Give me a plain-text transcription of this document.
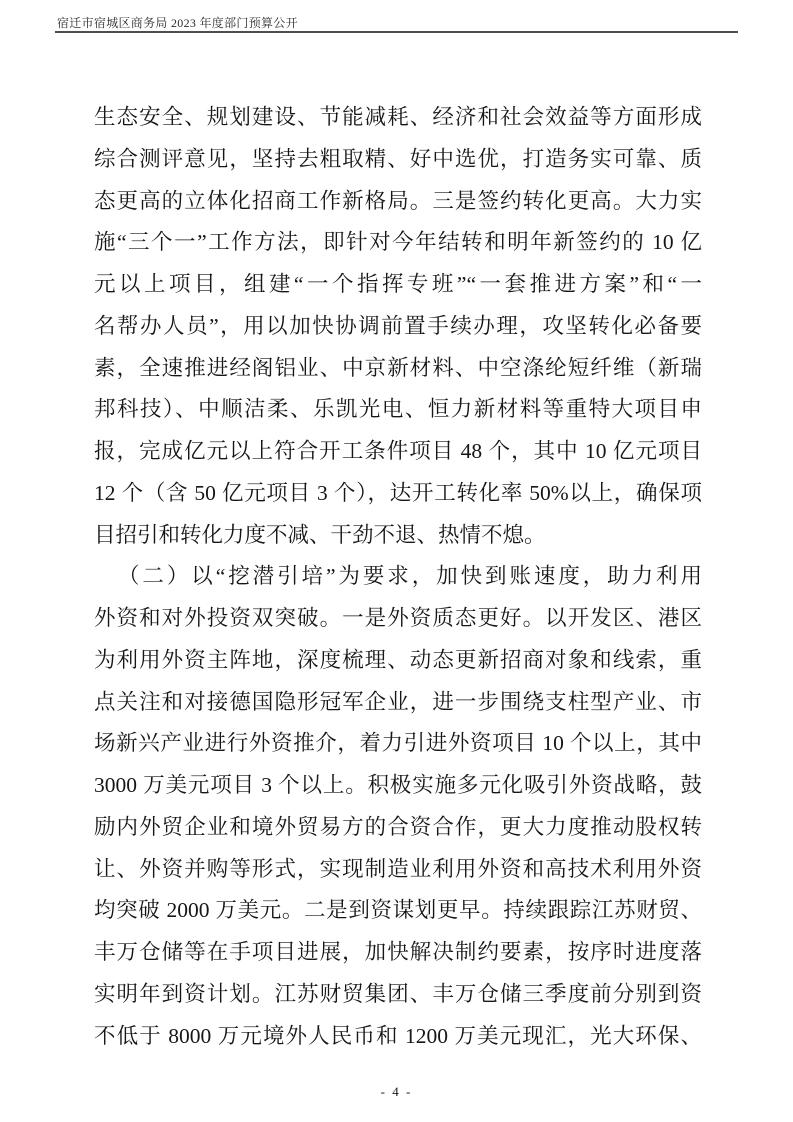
宿迁市宿城区商务局 2023 年度部门预算公开
生态安全、规划建设、节能减耗、经济和社会效益等方面形成
综合测评意见，坚持去粗取精、好中选优，打造务实可靠、质
态更高的立体化招商工作新格局。三是签约转化更高。大力实
施“三个一”工作方法，即针对今年结转和明年新签约的 10 亿
元以上项目，组建“一个指挥专班”“一套推进方案”和“一
名帮办人员”，用以加快协调前置手续办理，攻坚转化必备要
素，全速推进经阁铝业、中京新材料、中空涤纶短纤维（新瑞
邦科技）、中顺洁柔、乐凯光电、恒力新材料等重特大项目申
报，完成亿元以上符合开工条件项目 48 个，其中 10 亿元项目
12 个（含 50 亿元项目 3 个），达开工转化率 50%以上，确保项
目招引和转化力度不减、干劲不退、热情不熄。
（二）以“挖潜引培”为要求，加快到账速度，助力利用
外资和对外投资双突破。一是外资质态更好。以开发区、港区
为利用外资主阵地，深度梳理、动态更新招商对象和线索，重
点关注和对接德国隐形冠军企业，进一步围绕支柱型产业、市
场新兴产业进行外资推介，着力引进外资项目 10 个以上，其中
3000 万美元项目 3 个以上。积极实施多元化吸引外资战略，鼓
励内外贸企业和境外贸易方的合资合作，更大力度推动股权转
让、外资并购等形式，实现制造业利用外资和高技术利用外资
均突破 2000 万美元。二是到资谋划更早。持续跟踪江苏财贸、
丰万仓储等在手项目进展，加快解决制约要素，按序时进度落
实明年到资计划。江苏财贸集团、丰万仓储三季度前分别到资
不低于 8000 万元境外人民币和 1200 万美元现汇，光大环保、
- 4 -
